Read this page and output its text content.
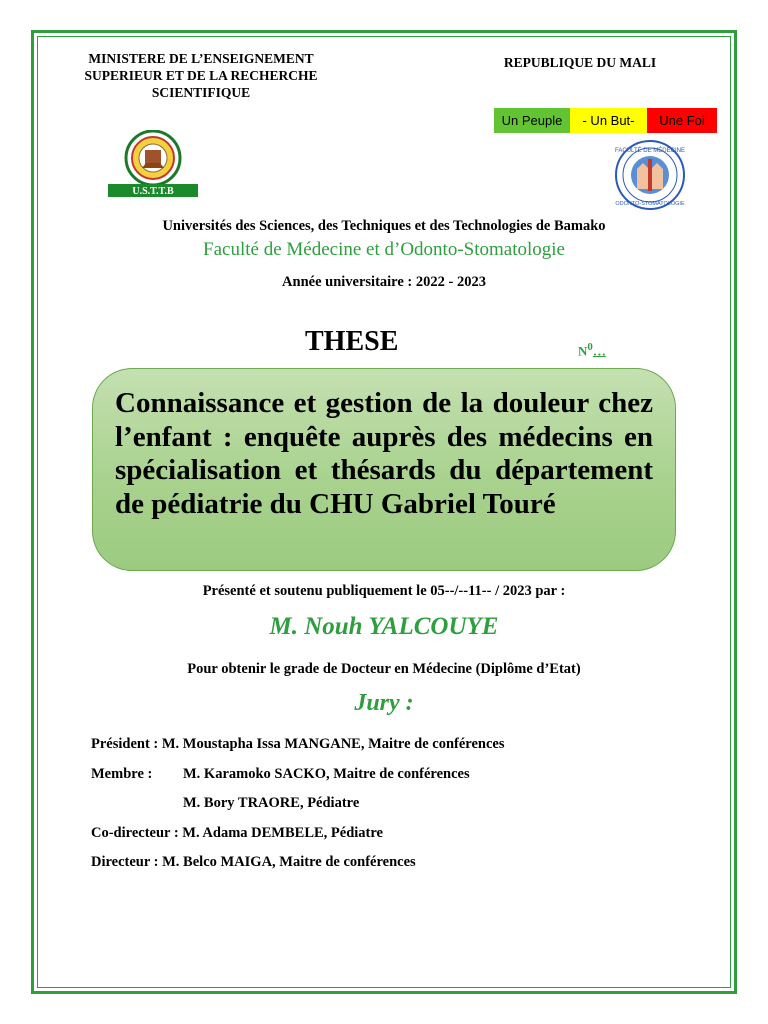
MINISTERE DE L’ENSEIGNEMENT
SUPERIEUR ET DE LA RECHERCHE
SCIENTIFIQUE
REPUBLIQUE DU MALI
Un Peuple	- Un But-	Une Foi
U.S.T.T.B
FACULTÉ DE MÉDECINE
ODONTO-STOMATOLOGIE
Universités des Sciences, des Techniques et des Technologies de Bamako
Faculté de Médecine et d’Odonto-Stomatologie
Année universitaire : 2022 - 2023
THESE	$N^0\dots$

Connaissance et gestion de la douleur chez l’enfant : enquête auprès des médecins en spécialisation et thésards du département de pédiatrie du CHU Gabriel Touré

Présenté et soutenu publiquement le 05--/--11-- / 2023 par :
M. Nouh YALCOUYE
Pour obtenir le grade de Docteur en Médecine (Diplôme d’Etat)
Jury :
Président : M. Moustapha Issa MANGANE, Maitre de conférences
Membre : M. Karamoko SACKO, Maitre de conférences
M. Bory TRAORE, Pédiatre
Co-directeur : M. Adama DEMBELE, Pédiatre
Directeur : M. Belco MAIGA, Maitre de conférences
